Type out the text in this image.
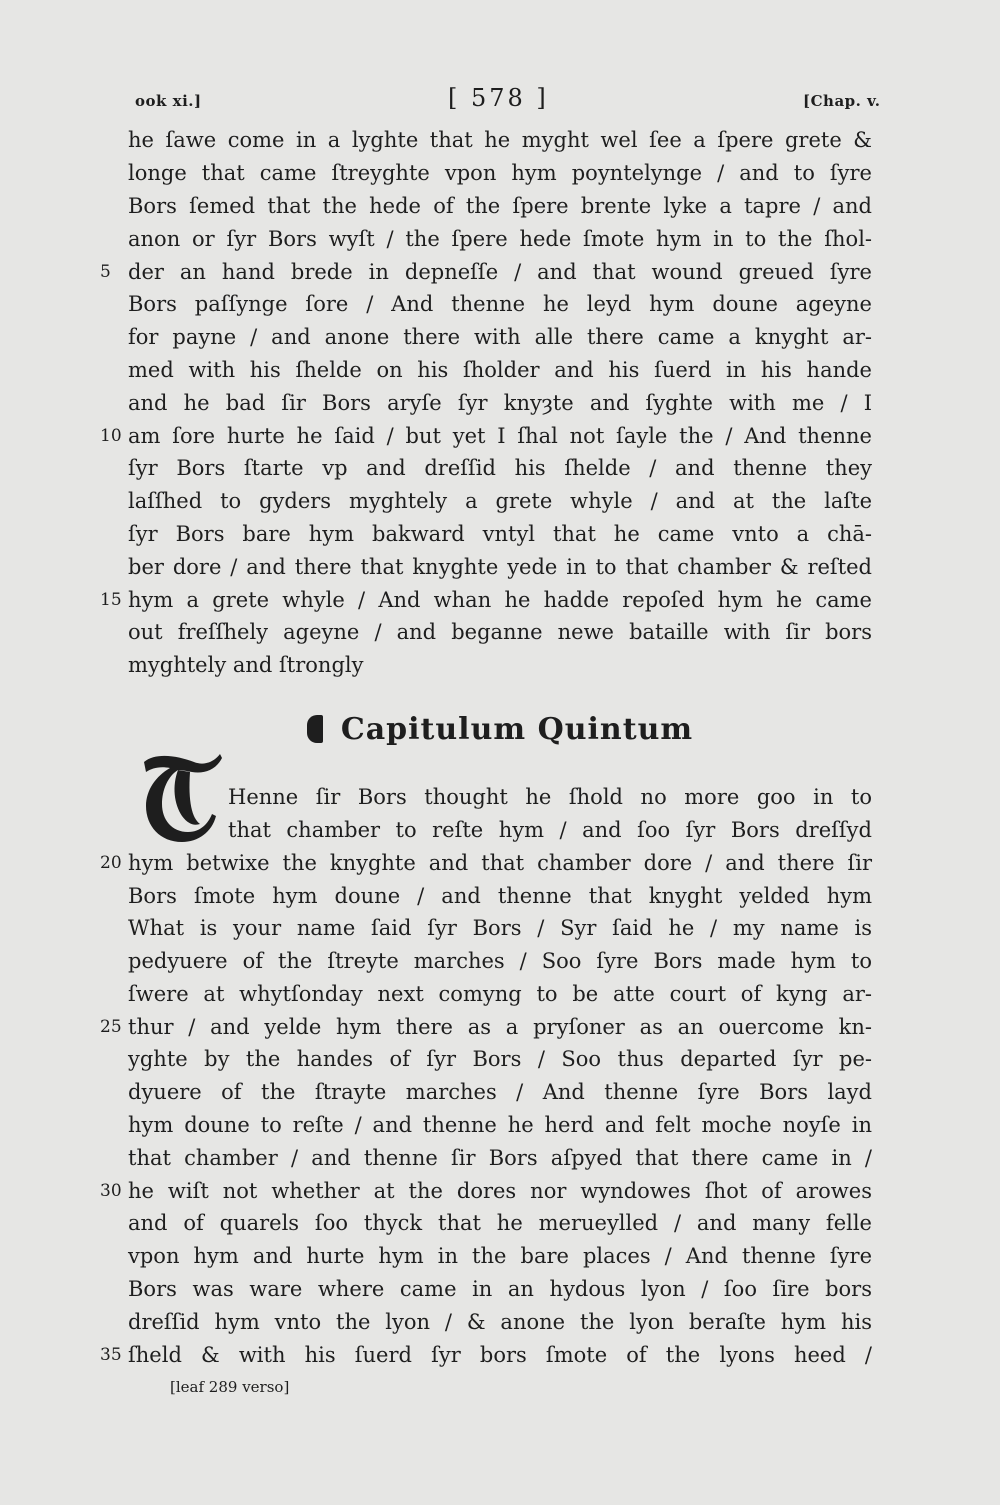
ook xi.]	[ 578 ]	[Chap. v.
he ſawe come in a lyghte that he myght wel ſee a ſpere grete &
longe that came ſtreyghte vpon hym poyntelynge / and to ſyre
Bors ſemed that the hede of the ſpere brente lyke a tapre / and
anon or ſyr Bors wyſt / the ſpere hede ſmote hym in to the ſhol-
5 der an hand brede in depneſſe / and that wound greued ſyre
Bors paſſynge ſore / And thenne he leyd hym doune ageyne
for payne / and anone there with alle there came a knyght ar-
med with his ſhelde on his ſholder and his ſuerd in his hande
and he bad ſir Bors aryſe ſyr knyȝte and ſyghte with me / I
10 am ſore hurte he ſaid / but yet I ſhal not ſayle the / And thenne
ſyr Bors ſtarte vp and dreſſid his ſhelde / and thenne they
laſſhed to gyders myghtely a grete whyle / and at the laſte
ſyr Bors bare hym bakward vntyl that he came vnto a chā-
ber dore / and there that knyghte yede in to that chamber & reſted
15 hym a grete whyle / And whan he hadde repoſed hym he came
out freſſhely ageyne / and beganne newe bataille with ſir bors
myghtely and ſtrongly
Capitulum Quintum
Henne ſir Bors thought he ſhold no more goo in to
that chamber to reſte hym / and ſoo ſyr Bors dreſſyd
20 hym betwixe the knyghte and that chamber dore / and there ſir
Bors ſmote hym doune / and thenne that knyght yelded hym
What is your name ſaid ſyr Bors / Syr ſaid he / my name is
pedyuere of the ſtreyte marches / Soo ſyre Bors made hym to
ſwere at whytſonday next comyng to be atte court of kyng ar-
25 thur / and yelde hym there as a pryſoner as an ouercome kn-
yghte by the handes of ſyr Bors / Soo thus departed ſyr pe-
dyuere of the ſtrayte marches / And thenne ſyre Bors layd
hym doune to reſte / and thenne he herd and felt moche noyſe in
that chamber / and thenne ſir Bors aſpyed that there came in /
30 he wiſt not whether at the dores nor wyndowes ſhot of arowes
and of quarels ſoo thyck that he merueylled / and many felle
vpon hym and hurte hym in the bare places / And thenne ſyre
Bors was ware where came in an hydous lyon / ſoo ſire bors
dreſſid hym vnto the lyon / & anone the lyon beraſte hym his
35 ſheld & with his ſuerd ſyr bors ſmote of the lyons heed /
[leaf 289 verso]
